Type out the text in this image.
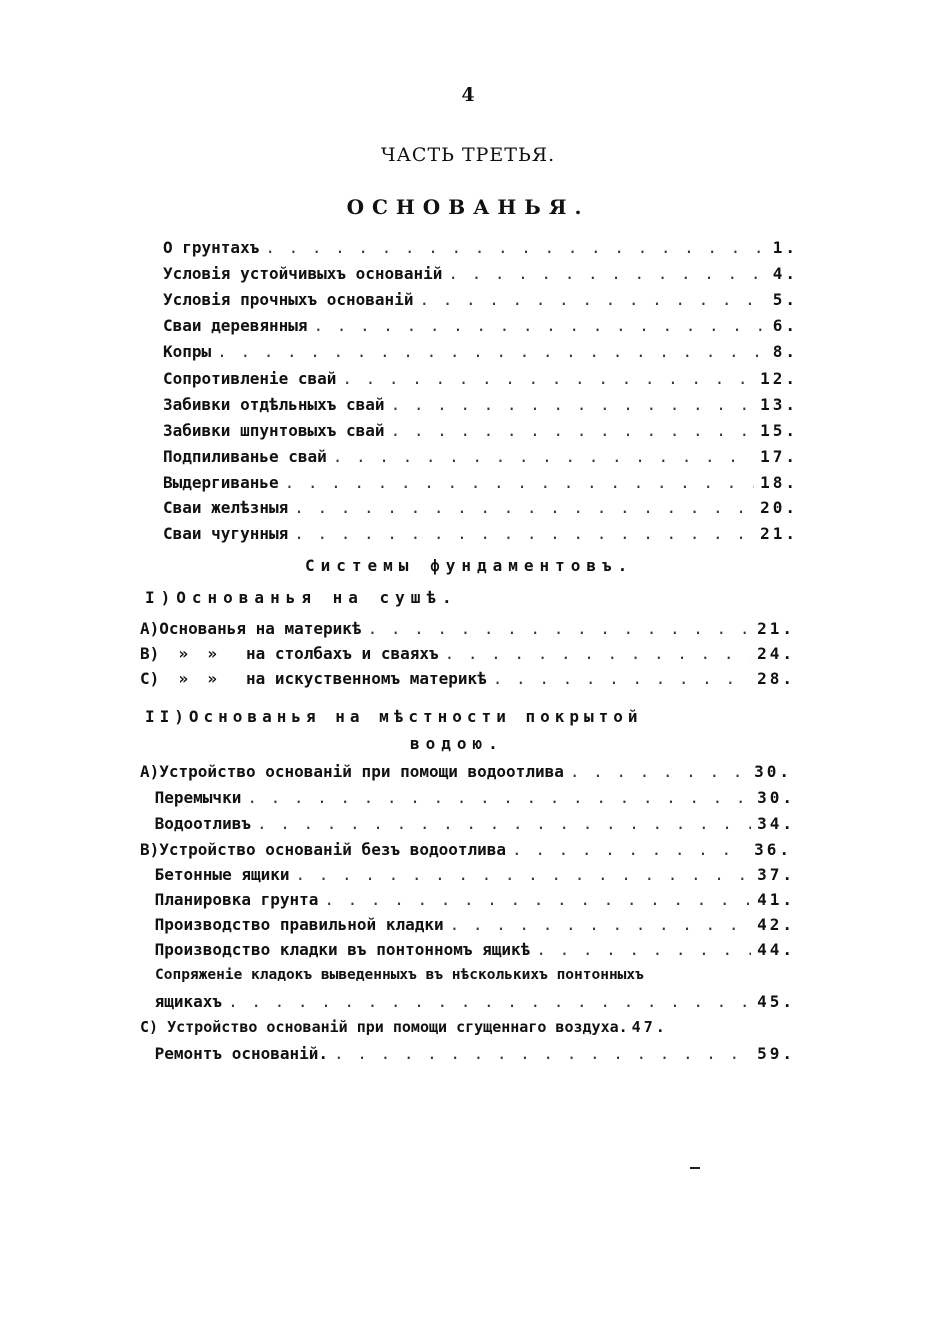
4
ЧАСТЬ ТРЕТЬЯ.
ОСНОВАНЬЯ.
О грунтахъ . . .	1.
Условія устойчивыхъ основаній . . .	4.
Условія прочныхъ основаній . . .	5.
Сваи деревянныя . . .	6.
Копры . . .	8.
Сопротивленіе свай . . .	12.
Забивки отдѣльныхъ свай . . .	13.
Забивки шпунтовыхъ свай . . .	15.
Подпиливанье свай . . .	17.
Выдергиванье . . .	18.
Сваи желѣзныя . . .	20.
Сваи чугунныя . . .	21.
Системы фундаментовъ.
I)Основанья на сушѣ.
А)Основанья на материкѣ . . .	21.
В)  »  »   на столбахъ и сваяхъ . . .	24.
С)  »  »   на искуственномъ материкѣ . . .	28.
II)Основанья на мѣстности покрытой
водою.
А)Устройство основаній при помощи водоотлива . . .	30.
Перемычки . . .	30.
Водоотливъ . . .	34.
В)Устройство основаній безъ водоотлива . . .	36.
Бетонные ящики . . .	37.
Планировка грунта . . .	41.
Производство правильной кладки . . .	42.
Производство кладки въ понтонномъ ящикѣ . . .	44.
Сопряженіе кладокъ выведенныхъ въ нѣсколькихъ понтонныхъ
ящикахъ . . .	45.
С) Устройство основаній при помощи сгущеннаго воздуха. 47.
Ремонтъ основаній. . . .	59.
